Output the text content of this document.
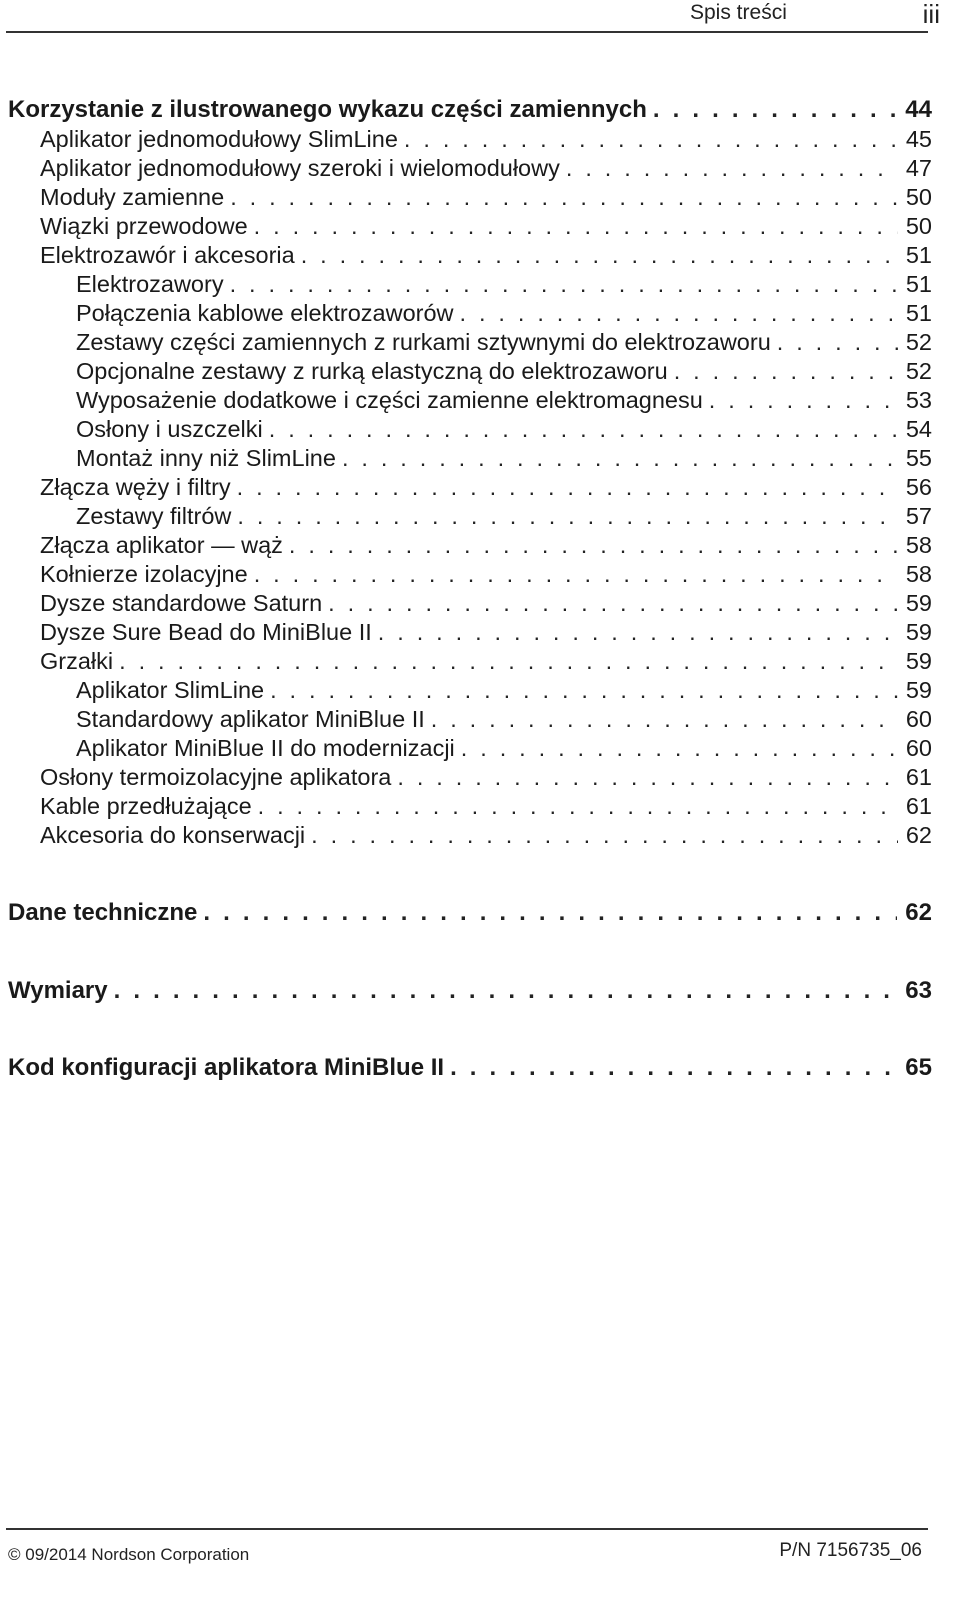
Spis treści	iii
Korzystanie z ilustrowanego wykazu części zamiennych . . .	44
Aplikator jednomodułowy SlimLine . . .	45
Aplikator jednomodułowy szeroki i wielomodułowy . . .	47
Moduły zamienne . . .	50
Wiązki przewodowe . . .	50
Elektrozawór i akcesoria . . .	51
Elektrozawory . . .	51
Połączenia kablowe elektrozaworów . . .	51
Zestawy części zamiennych z rurkami sztywnymi do elektrozaworu . . .	52
Opcjonalne zestawy z rurką elastyczną do elektrozaworu . . .	52
Wyposażenie dodatkowe i części zamienne elektromagnesu . . .	53
Osłony i uszczelki . . .	54
Montaż inny niż SlimLine . . .	55
Złącza węży i filtry . . .	56
Zestawy filtrów . . .	57
Złącza aplikator — wąż . . .	58
Kołnierze izolacyjne . . .	58
Dysze standardowe Saturn . . .	59
Dysze Sure Bead do MiniBlue II . . .	59
Grzałki . . .	59
Aplikator SlimLine . . .	59
Standardowy aplikator MiniBlue II . . .	60
Aplikator MiniBlue II do modernizacji . . .	60
Osłony termoizolacyjne aplikatora . . .	61
Kable przedłużające . . .	61
Akcesoria do konserwacji . . .	62
Dane techniczne . . .	62
Wymiary . . .	63
Kod konfiguracji aplikatora MiniBlue II . . .	65
© 09/2014 Nordson Corporation	P/N 7156735_06
